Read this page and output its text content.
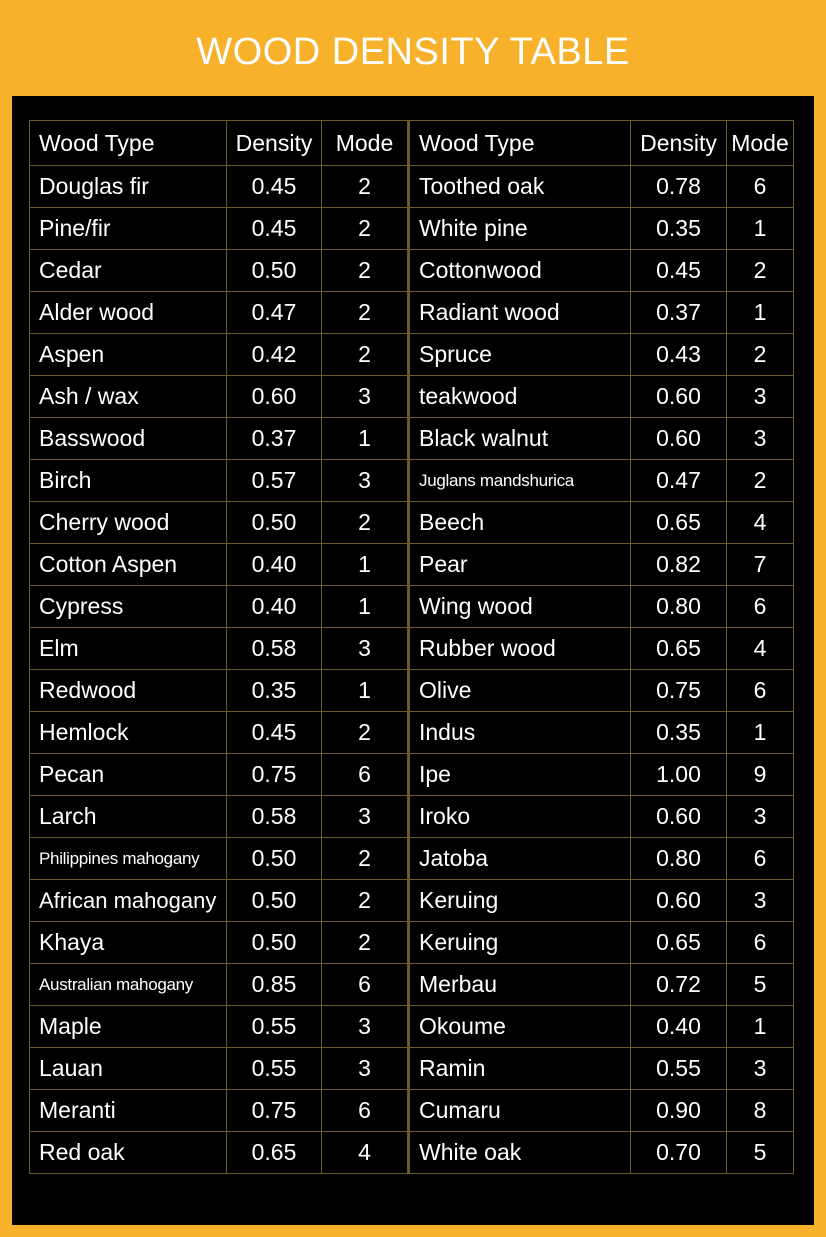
WOOD DENSITY TABLE
Wood Type	Density	Mode	Wood Type	Density	Mode
Douglas fir	0.45	2	Toothed oak	0.78	6
Pine/fir	0.45	2	White pine	0.35	1
Cedar	0.50	2	Cottonwood	0.45	2
Alder wood	0.47	2	Radiant wood	0.37	1
Aspen	0.42	2	Spruce	0.43	2
Ash / wax	0.60	3	teakwood	0.60	3
Basswood	0.37	1	Black walnut	0.60	3
Birch	0.57	3	Juglans mandshurica	0.47	2
Cherry wood	0.50	2	Beech	0.65	4
Cotton Aspen	0.40	1	Pear	0.82	7
Cypress	0.40	1	Wing wood	0.80	6
Elm	0.58	3	Rubber wood	0.65	4
Redwood	0.35	1	Olive	0.75	6
Hemlock	0.45	2	Indus	0.35	1
Pecan	0.75	6	Ipe	1.00	9
Larch	0.58	3	Iroko	0.60	3
Philippines mahogany	0.50	2	Jatoba	0.80	6
African mahogany	0.50	2	Keruing	0.60	3
Khaya	0.50	2	Keruing	0.65	6
Australian mahogany	0.85	6	Merbau	0.72	5
Maple	0.55	3	Okoume	0.40	1
Lauan	0.55	3	Ramin	0.55	3
Meranti	0.75	6	Cumaru	0.90	8
Red oak	0.65	4	White oak	0.70	5
